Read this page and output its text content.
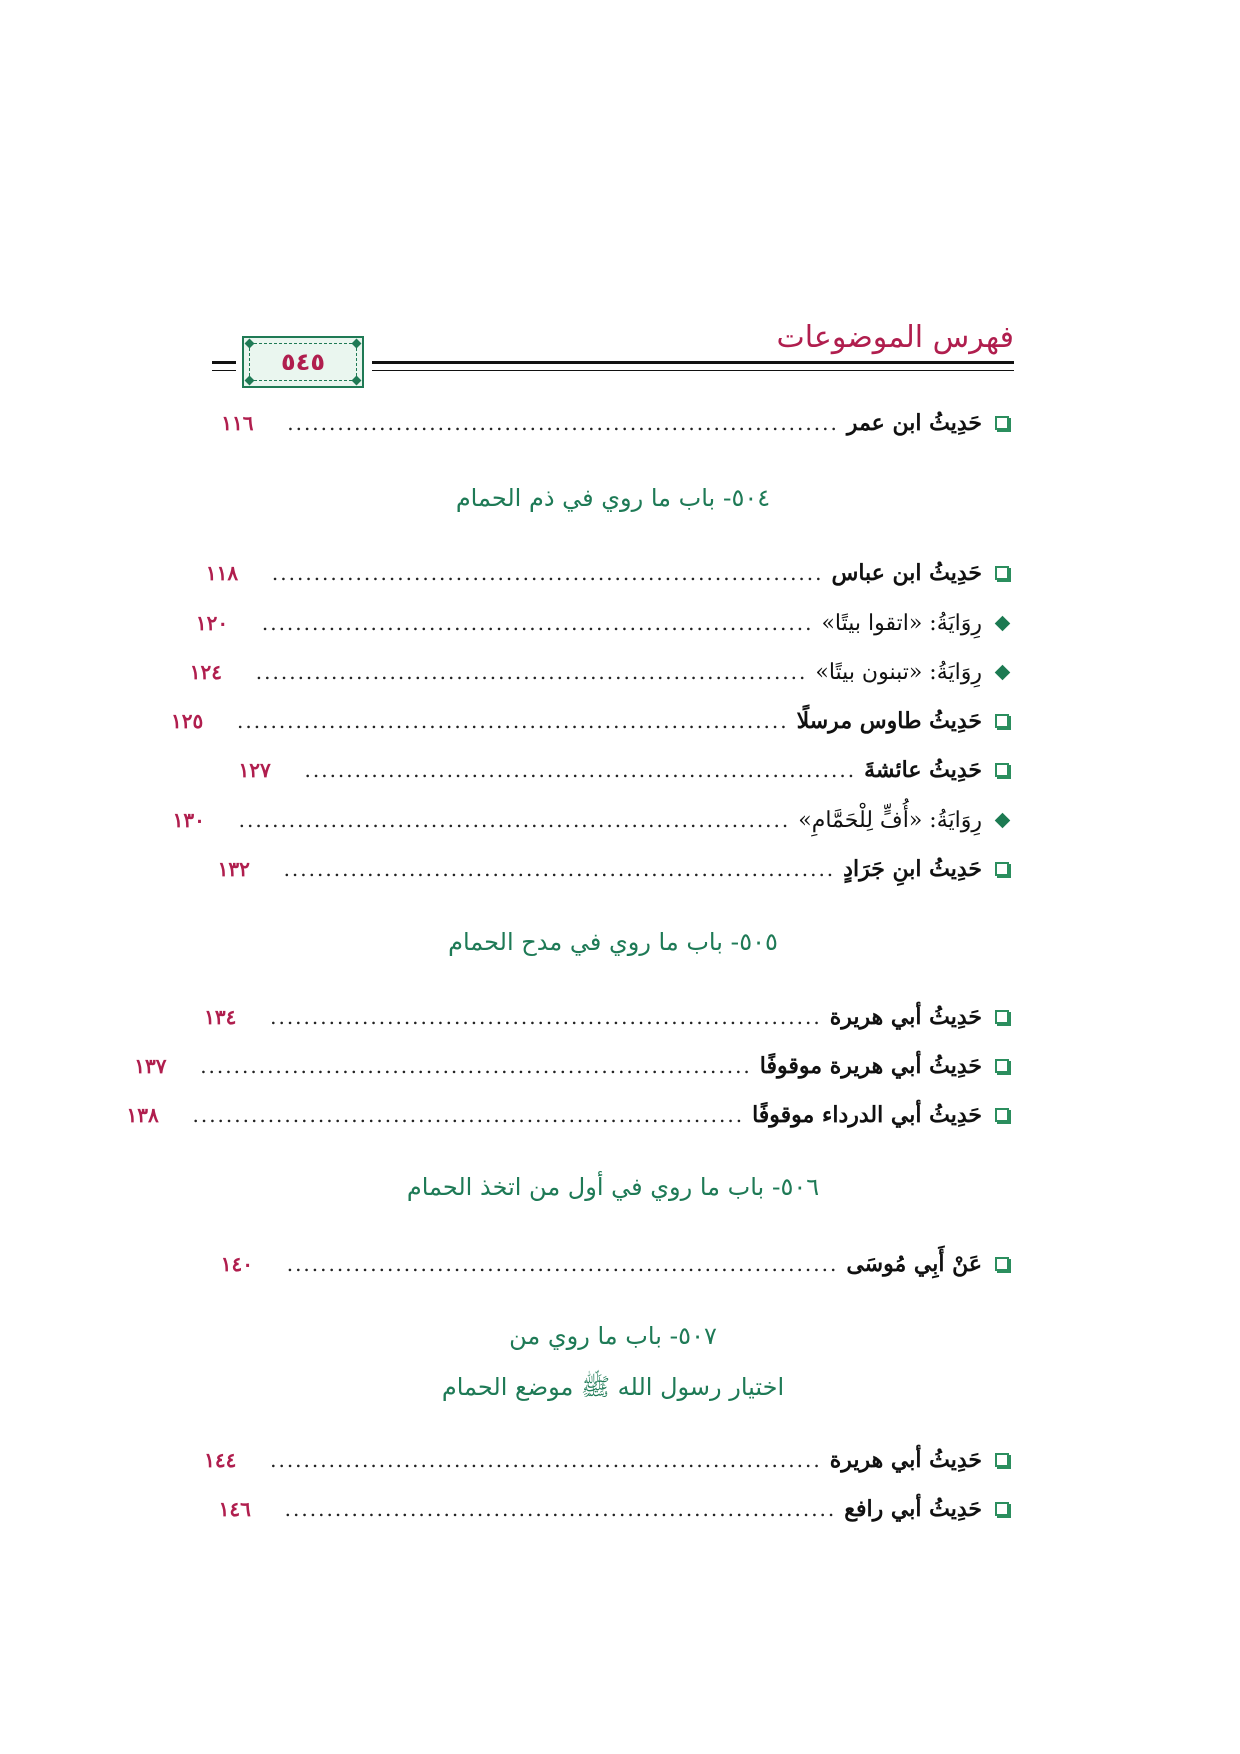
فهرس الموضوعات
٥٤٥
حَدِيثُ ابن عمر
..................................................................
١١٦
٥٠٤- باب ما روي في ذم الحمام
حَدِيثُ ابن عباس
..................................................................
١١٨
رِوَايَةُ: «اتقوا بيتًا»
..................................................................
١٢٠
رِوَايَةُ: «تبنون بيتًا»
..................................................................
١٢٤
حَدِيثُ طاوس مرسلًا
..................................................................
١٢٥
حَدِيثُ عائشةَ
..................................................................
١٢٧
رِوَايَةُ: «أُفٍّ لِلْحَمَّامِ»
..................................................................
١٣٠
حَدِيثُ ابنِ جَرَادٍ
..................................................................
١٣٢
٥٠٥- باب ما روي في مدح الحمام
حَدِيثُ أبي هريرة
..................................................................
١٣٤
حَدِيثُ أبي هريرة موقوفًا
..................................................................
١٣٧
حَدِيثُ أبي الدرداء موقوفًا
..................................................................
١٣٨
٥٠٦- باب ما روي في أول من اتخذ الحمام
عَنْ أَبِي مُوسَى
..................................................................
١٤٠
٥٠٧- باب ما روي من
اختيار رسول الله ﷺ موضع الحمام
حَدِيثُ أبي هريرة
..................................................................
١٤٤
حَدِيثُ أبي رافع
..................................................................
١٤٦
